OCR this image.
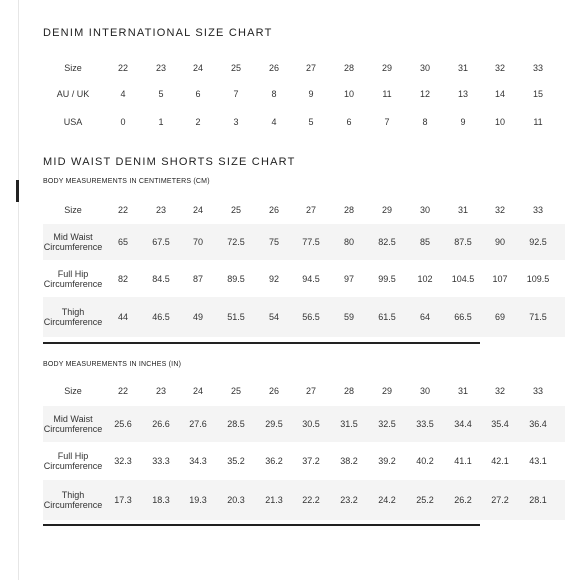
DENIM INTERNATIONAL SIZE CHART
Size	22	23	24	25	26	27	28	29	30	31	32	33
AU / UK	4	5	6	7	8	9	10	11	12	13	14	15
USA	0	1	2	3	4	5	6	7	8	9	10	11
MID WAIST DENIM SHORTS SIZE CHART
BODY MEASUREMENTS IN CENTIMETERS (CM)
Size	22	23	24	25	26	27	28	29	30	31	32	33
Mid Waist Circumference	65	67.5	70	72.5	75	77.5	80	82.5	85	87.5	90	92.5
Full Hip Circumference	82	84.5	87	89.5	92	94.5	97	99.5	102	104.5	107	109.5
Thigh Circumference	44	46.5	49	51.5	54	56.5	59	61.5	64	66.5	69	71.5
BODY MEASUREMENTS IN INCHES (IN)
Size	22	23	24	25	26	27	28	29	30	31	32	33
Mid Waist Circumference	25.6	26.6	27.6	28.5	29.5	30.5	31.5	32.5	33.5	34.4	35.4	36.4
Full Hip Circumference	32.3	33.3	34.3	35.2	36.2	37.2	38.2	39.2	40.2	41.1	42.1	43.1
Thigh Circumference	17.3	18.3	19.3	20.3	21.3	22.2	23.2	24.2	25.2	26.2	27.2	28.1
